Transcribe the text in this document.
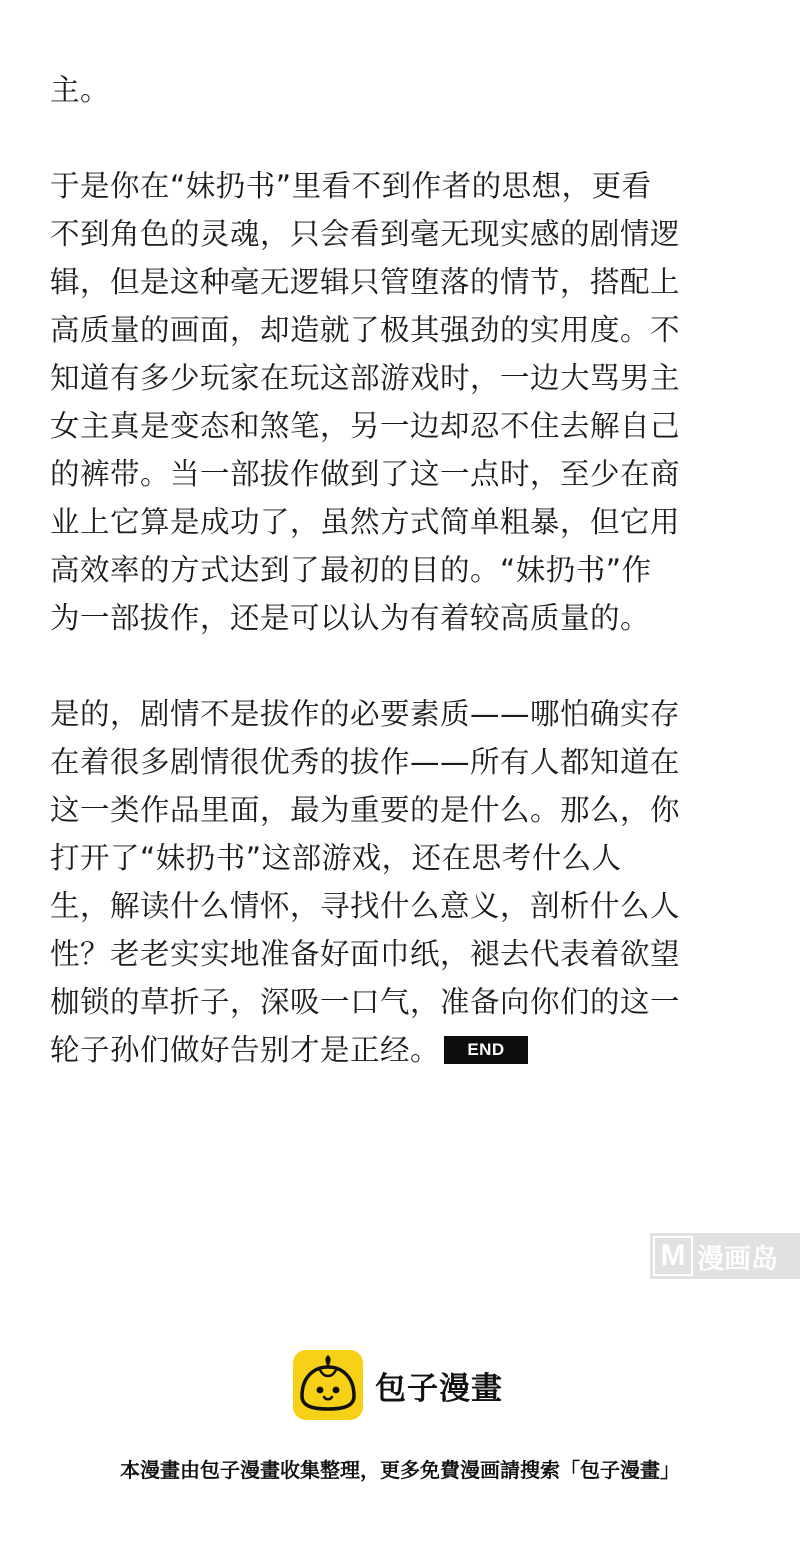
主。

于是你在“妹扔书”里看不到作者的思想，更看
不到角色的灵魂，只会看到毫无现实感的剧情逻
辑，但是这种毫无逻辑只管堕落的情节，搭配上
高质量的画面，却造就了极其强劲的实用度。不
知道有多少玩家在玩这部游戏时，一边大骂男主
女主真是变态和煞笔，另一边却忍不住去解自己
的裤带。当一部拔作做到了这一点时，至少在商
业上它算是成功了，虽然方式简单粗暴，但它用
高效率的方式达到了最初的目的。“妹扔书”作
为一部拔作，还是可以认为有着较高质量的。

是的，剧情不是拔作的必要素质——哪怕确实存
在着很多剧情很优秀的拔作——所有人都知道在
这一类作品里面，最为重要的是什么。那么，你
打开了“妹扔书”这部游戏，还在思考什么人
生，解读什么情怀，寻找什么意义，剖析什么人
性？老老实实地准备好面巾纸，褪去代表着欲望
枷锁的草折子，深吸一口气，准备向你们的这一
轮子孙们做好告别才是正经。 END

M 漫画岛
包子漫畫
本漫畫由包子漫畫收集整理，更多免費漫画請搜索「包子漫畫」
